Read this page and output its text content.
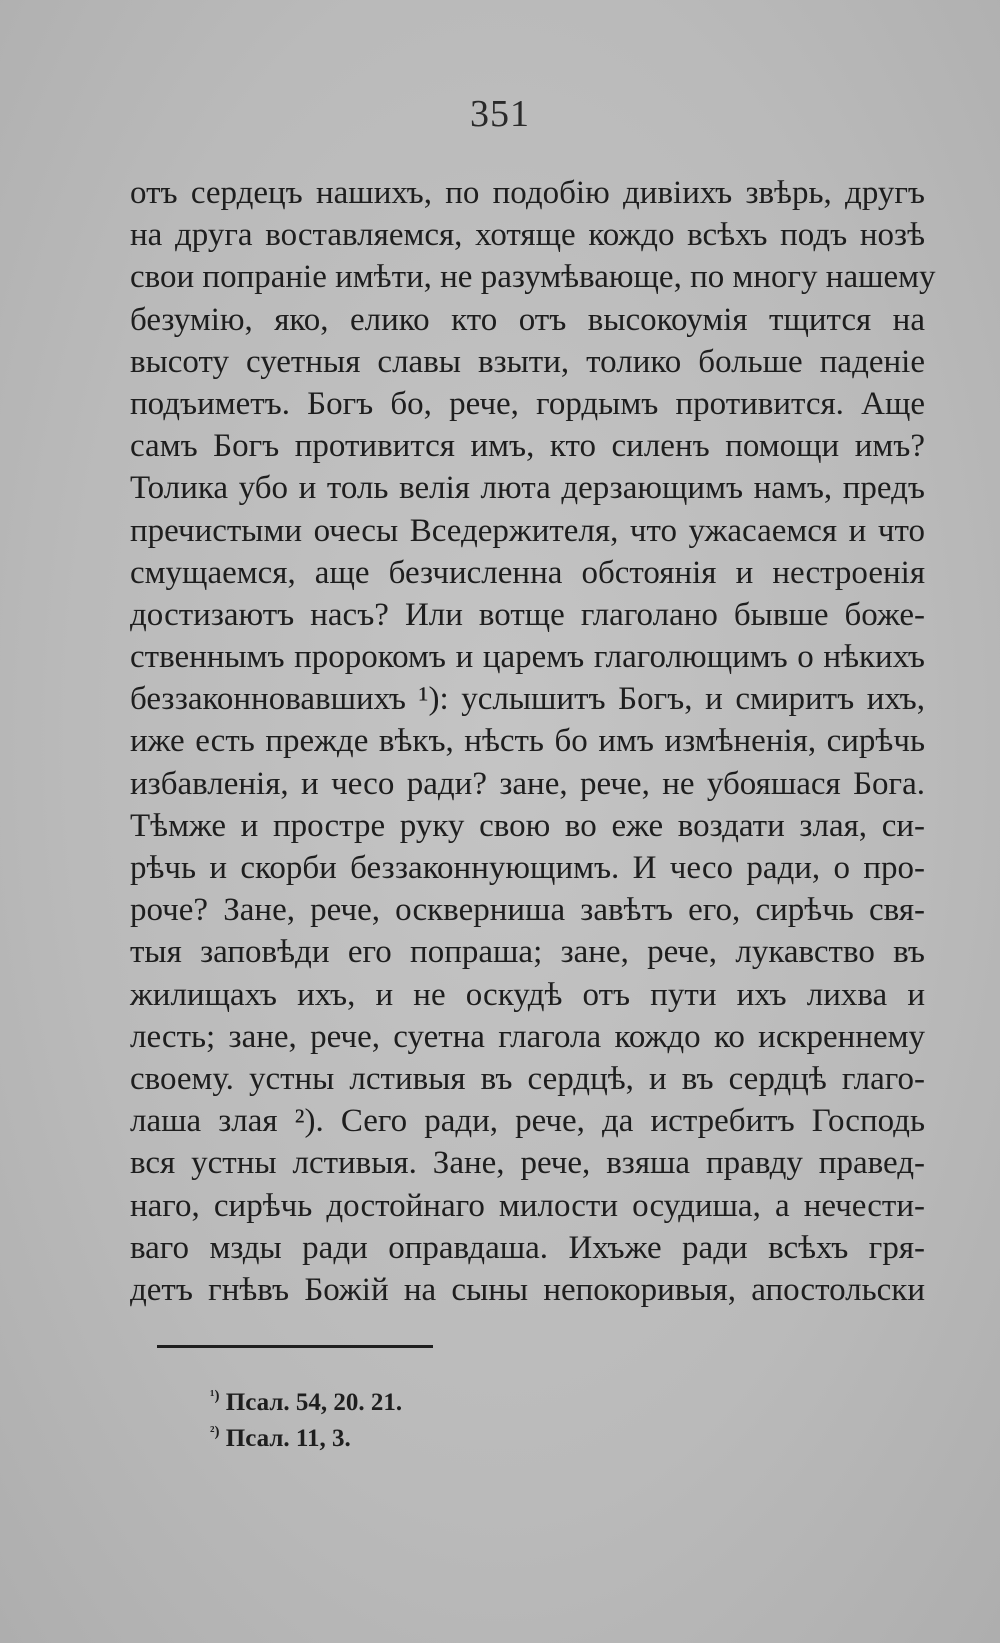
351
отъ сердецъ нашихъ, по подобiю дивiихъ звѣрь, другъ
на друга воставляемся, хотяще кождо всѣхъ подъ нозѣ
свои попранiе имѣти, не разумѣвающе, по многу нашему
безумiю, яко, елико кто отъ высокоумiя тщится на
высоту суетныя славы взыти, толико больше паденiе
подъиметъ. Богъ бо, рече, гордымъ противится. Аще
самъ Богъ противится имъ, кто силенъ помощи имъ?
Толика убо и толь велiя люта дерзающимъ намъ, предъ
пречистыми очесы Вседержителя, что ужасаемся и что
смущаемся, аще безчисленна обстоянiя и нестроенiя
достизаютъ насъ? Или вотще глаголано бывше боже-
ственнымъ пророкомъ и царемъ глаголющимъ о нѣкихъ
беззаконновавшихъ ¹): услышитъ Богъ, и смиритъ ихъ,
иже есть прежде вѣкъ, нѣсть бо имъ измѣненiя, сирѣчь
избавленiя, и чесо ради? зане, рече, не убояшася Бога.
Тѣмже и простре руку свою во еже воздати злая, си-
рѣчь и скорби беззаконнующимъ. И чесо ради, о про-
роче? Зане, рече, оскверниша завѣтъ его, сирѣчь свя-
тыя заповѣди его попраша; зане, рече, лукавство въ
жилищахъ ихъ, и не оскудѣ отъ пути ихъ лихва и
лесть; зане, рече, суетна глагола кождо ко искреннему
своему. устны лстивыя въ сердцѣ, и въ сердцѣ глаго-
лаша злая ²). Сего ради, рече, да истребитъ Господь
вся устны лстивыя. Зане, рече, взяша правду правед-
наго, сирѣчь достойнаго милости осудиша, а нечести-
ваго мзды ради оправдаша. Ихъже ради всѣхъ гря-
детъ гнѣвъ Божiй на сыны непокоривыя, апостольски
$^{^1)}$ Псал. 54, 20. 21.
$^{^2)}$ Псал. 11, 3.
